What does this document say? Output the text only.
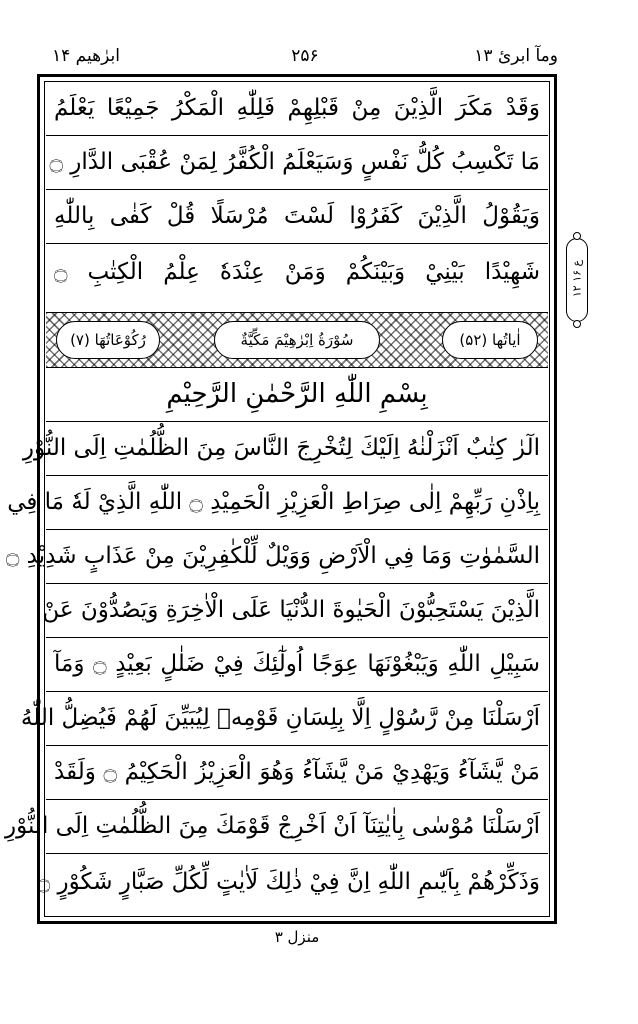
ابرٰھیم ۱۴	۲۵۶	ومآ ابرئ ۱۳
وَقَدْ مَكَرَ الَّذِيْنَ مِنْ قَبْلِهِمْ فَلِلّٰهِ الْمَكْرُ جَمِيْعًا يَعْلَمُ
مَا تَكْسِبُ كُلُّ نَفْسٍ وَسَيَعْلَمُ الْكُفَّرُ لِمَنْ عُقْبَى الدَّارِ ۝
وَيَقُوْلُ الَّذِيْنَ كَفَرُوْا لَسْتَ مُرْسَلًا قُلْ كَفٰى بِاللّٰهِ
شَهِيْدًا بَيْنِيْ وَبَيْنَكُمْ وَمَنْ عِنْدَهٗ عِلْمُ الْكِتٰبِ ۝
اٰیاتُھا (۵۲)
سُوْرَةُ اِبْرٰهِيْمَ مَكِّيَّةٌ
رُكُوْعَاتُهَا (۷)
بِسْمِ اللّٰهِ الرَّحْمٰنِ الرَّحِيْمِ
الٓرٰ كِتٰبٌ اَنْزَلْنٰهُ اِلَيْكَ لِتُخْرِجَ النَّاسَ مِنَ الظُّلُمٰتِ اِلَى النُّوْرِ
بِاِذْنِ رَبِّهِمْ اِلٰى صِرَاطِ الْعَزِيْزِ الْحَمِيْدِ ۝ اللّٰهِ الَّذِيْ لَهٗ مَا فِي
السَّمٰوٰتِ وَمَا فِي الْاَرْضِ وَوَيْلٌ لِّلْكٰفِرِيْنَ مِنْ عَذَابٍ شَدِيْدِ ۝
الَّذِيْنَ يَسْتَحِبُّوْنَ الْحَيٰوةَ الدُّنْيَا عَلَى الْاٰخِرَةِ وَيَصُدُّوْنَ عَنْ
سَبِيْلِ اللّٰهِ وَيَبْغُوْنَهَا عِوَجًا اُولٰٓئِكَ فِيْ ضَلٰلٍ بَعِيْدٍ ۝ وَمَآ
اَرْسَلْنَا مِنْ رَّسُوْلٍ اِلَّا بِلِسَانِ قَوْمِهٖ لِيُبَيِّنَ لَهُمْ فَيُضِلُّ اللّٰهُ
مَنْ يَّشَآءُ وَيَهْدِيْ مَنْ يَّشَآءُ وَهُوَ الْعَزِيْزُ الْحَكِيْمُ ۝ وَلَقَدْ
اَرْسَلْنَا مُوْسٰى بِاٰيٰتِنَآ اَنْ اَخْرِجْ قَوْمَكَ مِنَ الظُّلُمٰتِ اِلَى النُّوْرِ
وَذَكِّرْهُمْ بِاَيّٰىمِ اللّٰهِ اِنَّ فِيْ ذٰلِكَ لَاٰيٰتٍ لِّكُلِّ صَبَّارٍ شَكُوْرٍ ۝
ع ۱۶ ۱۲
منزل ۳
